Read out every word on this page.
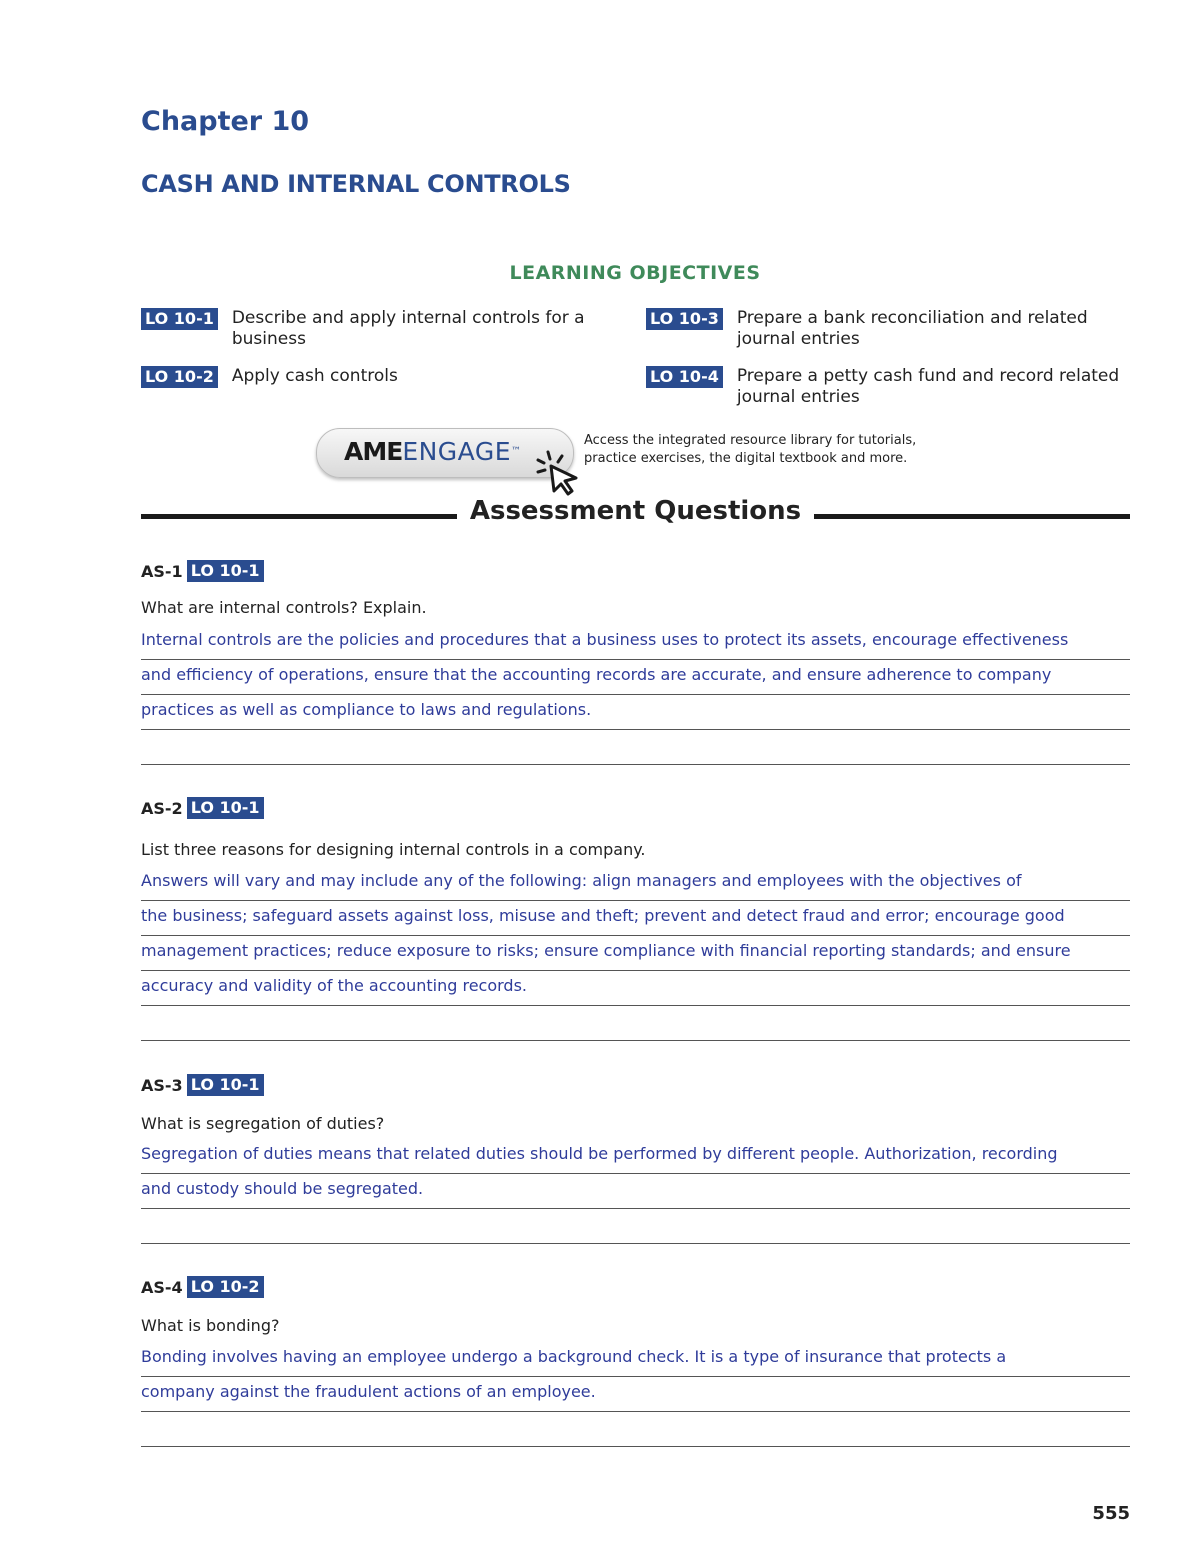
Chapter 10
CASH AND INTERNAL CONTROLS
LEARNING OBJECTIVES
LO 10-1 Describe and apply internal controls for a business
LO 10-2 Apply cash controls
LO 10-3 Prepare a bank reconciliation and related journal entries
LO 10-4 Prepare a petty cash fund and record related journal entries
AMEENGAGE™
Access the integrated resource library for tutorials, practice exercises, the digital textbook and more.
Assessment Questions
AS-1 LO 10-1
What are internal controls? Explain.
Internal controls are the policies and procedures that a business uses to protect its assets, encourage effectiveness
and efficiency of operations, ensure that the accounting records are accurate, and ensure adherence to company
practices as well as compliance to laws and regulations.
AS-2 LO 10-1
List three reasons for designing internal controls in a company.
Answers will vary and may include any of the following: align managers and employees with the objectives of
the business; safeguard assets against loss, misuse and theft; prevent and detect fraud and error; encourage good
management practices; reduce exposure to risks; ensure compliance with financial reporting standards; and ensure
accuracy and validity of the accounting records.
AS-3 LO 10-1
What is segregation of duties?
Segregation of duties means that related duties should be performed by different people. Authorization, recording
and custody should be segregated.
AS-4 LO 10-2
What is bonding?
Bonding involves having an employee undergo a background check. It is a type of insurance that protects a
company against the fraudulent actions of an employee.
555
